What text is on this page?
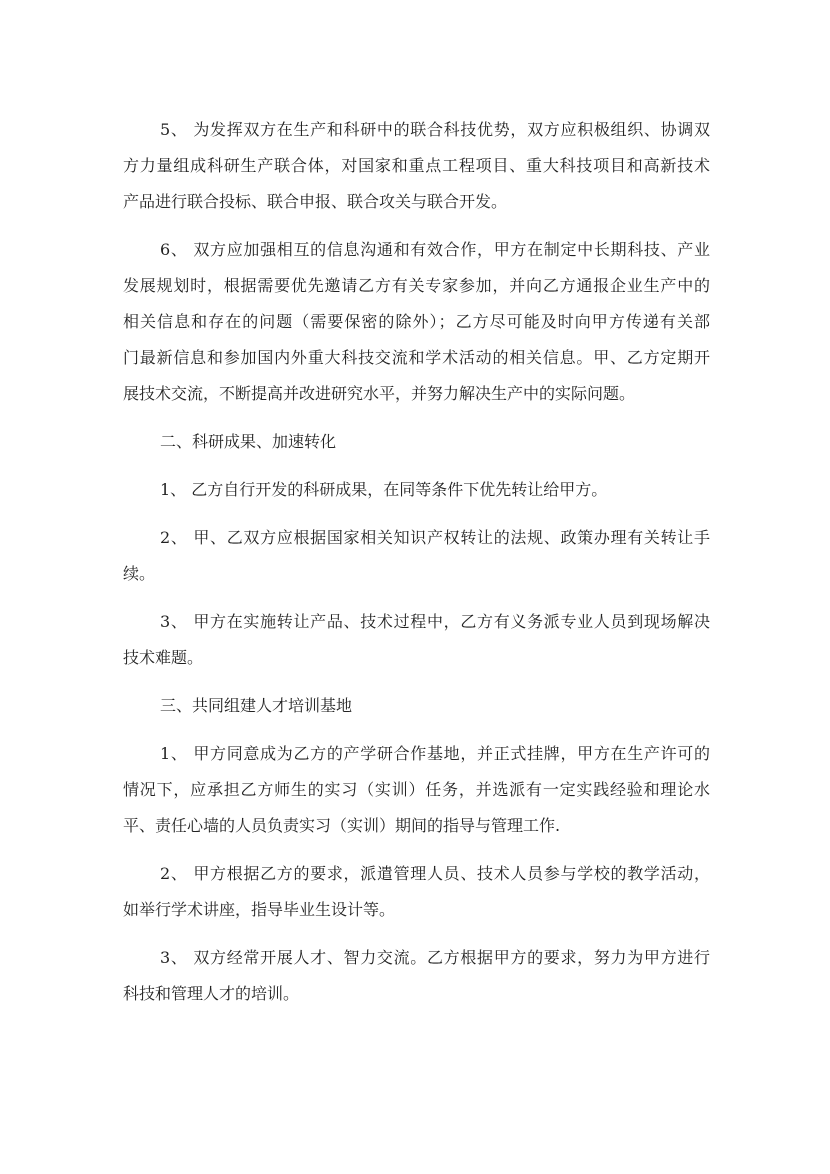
5、 为发挥双方在生产和科研中的联合科技优势，双方应积极组织、协调双
方力量组成科研生产联合体，对国家和重点工程项目、重大科技项目和高新技术
产品进行联合投标、联合申报、联合攻关与联合开发。
6、 双方应加强相互的信息沟通和有效合作，甲方在制定中长期科技、产业
发展规划时，根据需要优先邀请乙方有关专家参加，并向乙方通报企业生产中的
相关信息和存在的问题（需要保密的除外）；乙方尽可能及时向甲方传递有关部
门最新信息和参加国内外重大科技交流和学术活动的相关信息。甲、乙方定期开
展技术交流，不断提高并改进研究水平，并努力解决生产中的实际问题。
二、科研成果、加速转化
1、 乙方自行开发的科研成果，在同等条件下优先转让给甲方。
2、 甲、乙双方应根据国家相关知识产权转让的法规、政策办理有关转让手
续。
3、 甲方在实施转让产品、技术过程中，乙方有义务派专业人员到现场解决
技术难题。
三、共同组建人才培训基地
1、 甲方同意成为乙方的产学研合作基地，并正式挂牌，甲方在生产许可的
情况下，应承担乙方师生的实习（实训）任务，并选派有一定实践经验和理论水
平、责任心墙的人员负责实习（实训）期间的指导与管理工作.
2、 甲方根据乙方的要求，派遣管理人员、技术人员参与学校的教学活动，
如举行学术讲座，指导毕业生设计等。
3、 双方经常开展人才、智力交流。乙方根据甲方的要求，努力为甲方进行
科技和管理人才的培训。
